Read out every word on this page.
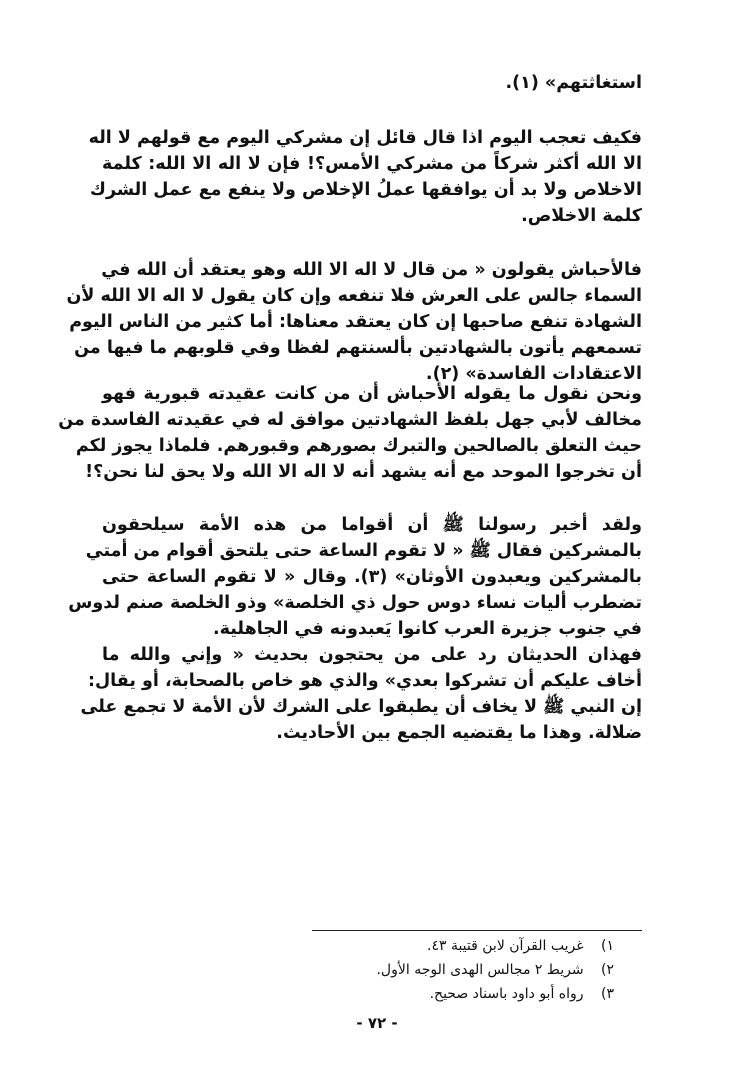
استغاثتهم» (١).
فكيف تعجب اليوم اذا قال قائل إن مشركي اليوم مع قولهم لا اله
الا الله أكثر شركاً من مشركي الأمس؟! فإن لا اله الا الله: كلمة
الاخلاص ولا بد أن يوافقها عملُ الإخلاص ولا ينفع مع عمل الشرك
كلمة الاخلاص.
فالأحباش يقولون « من قال لا اله الا الله وهو يعتقد أن الله في
السماء جالس على العرش فلا تنفعه وإن كان يقول لا اله الا الله لأن
الشهادة تنفع صاحبها إن كان يعتقد معناها: أما كثير من الناس اليوم
تسمعهم يأتون بالشهادتين بألسنتهم لفظا وفي قلوبهم ما فيها من
الاعتقادات الفاسدة» (٢).
ونحن نقول ما يقوله الأحباش أن من كانت عقيدته قبورية فهو
مخالف لأبي جهل بلفظ الشهادتين موافق له في عقيدته الفاسدة من
حيث التعلق بالصالحين والتبرك بصورهم وقبورهم. فلماذا يجوز لكم
أن تخرجوا الموحد مع أنه يشهد أنه لا اله الا الله ولا يحق لنا نحن؟!
ولقد أخبر رسولنا ﷺ أن أقواما من هذه الأمة سيلحقون
بالمشركين فقال ﷺ « لا تقوم الساعة حتى يلتحق أقوام من أمتي
بالمشركين ويعبدون الأوثان» (٣). وقال « لا تقوم الساعة حتى
تضطرب أليات نساء دوس حول ذي الخلصة» وذو الخلصة صنم لدوس
في جنوب جزيرة العرب كانوا يَعبدونه في الجاهلية.
فهذان الحديثان رد على من يحتجون بحديث « وإني والله ما
أخاف عليكم أن تشركوا بعدي» والذي هو خاص بالصحابة، أو يقال:
إن النبي ﷺ لا يخاف أن يطبقوا على الشرك لأن الأمة لا تجمع على
ضلالة. وهذا ما يقتضيه الجمع بين الأحاديث.
١) غريب القرآن لابن قتيبة ٤٣.
٢) شريط ٢ مجالس الهدى الوجه الأول.
٣) رواه أبو داود باسناد صحيح.
- ٧٢ -
